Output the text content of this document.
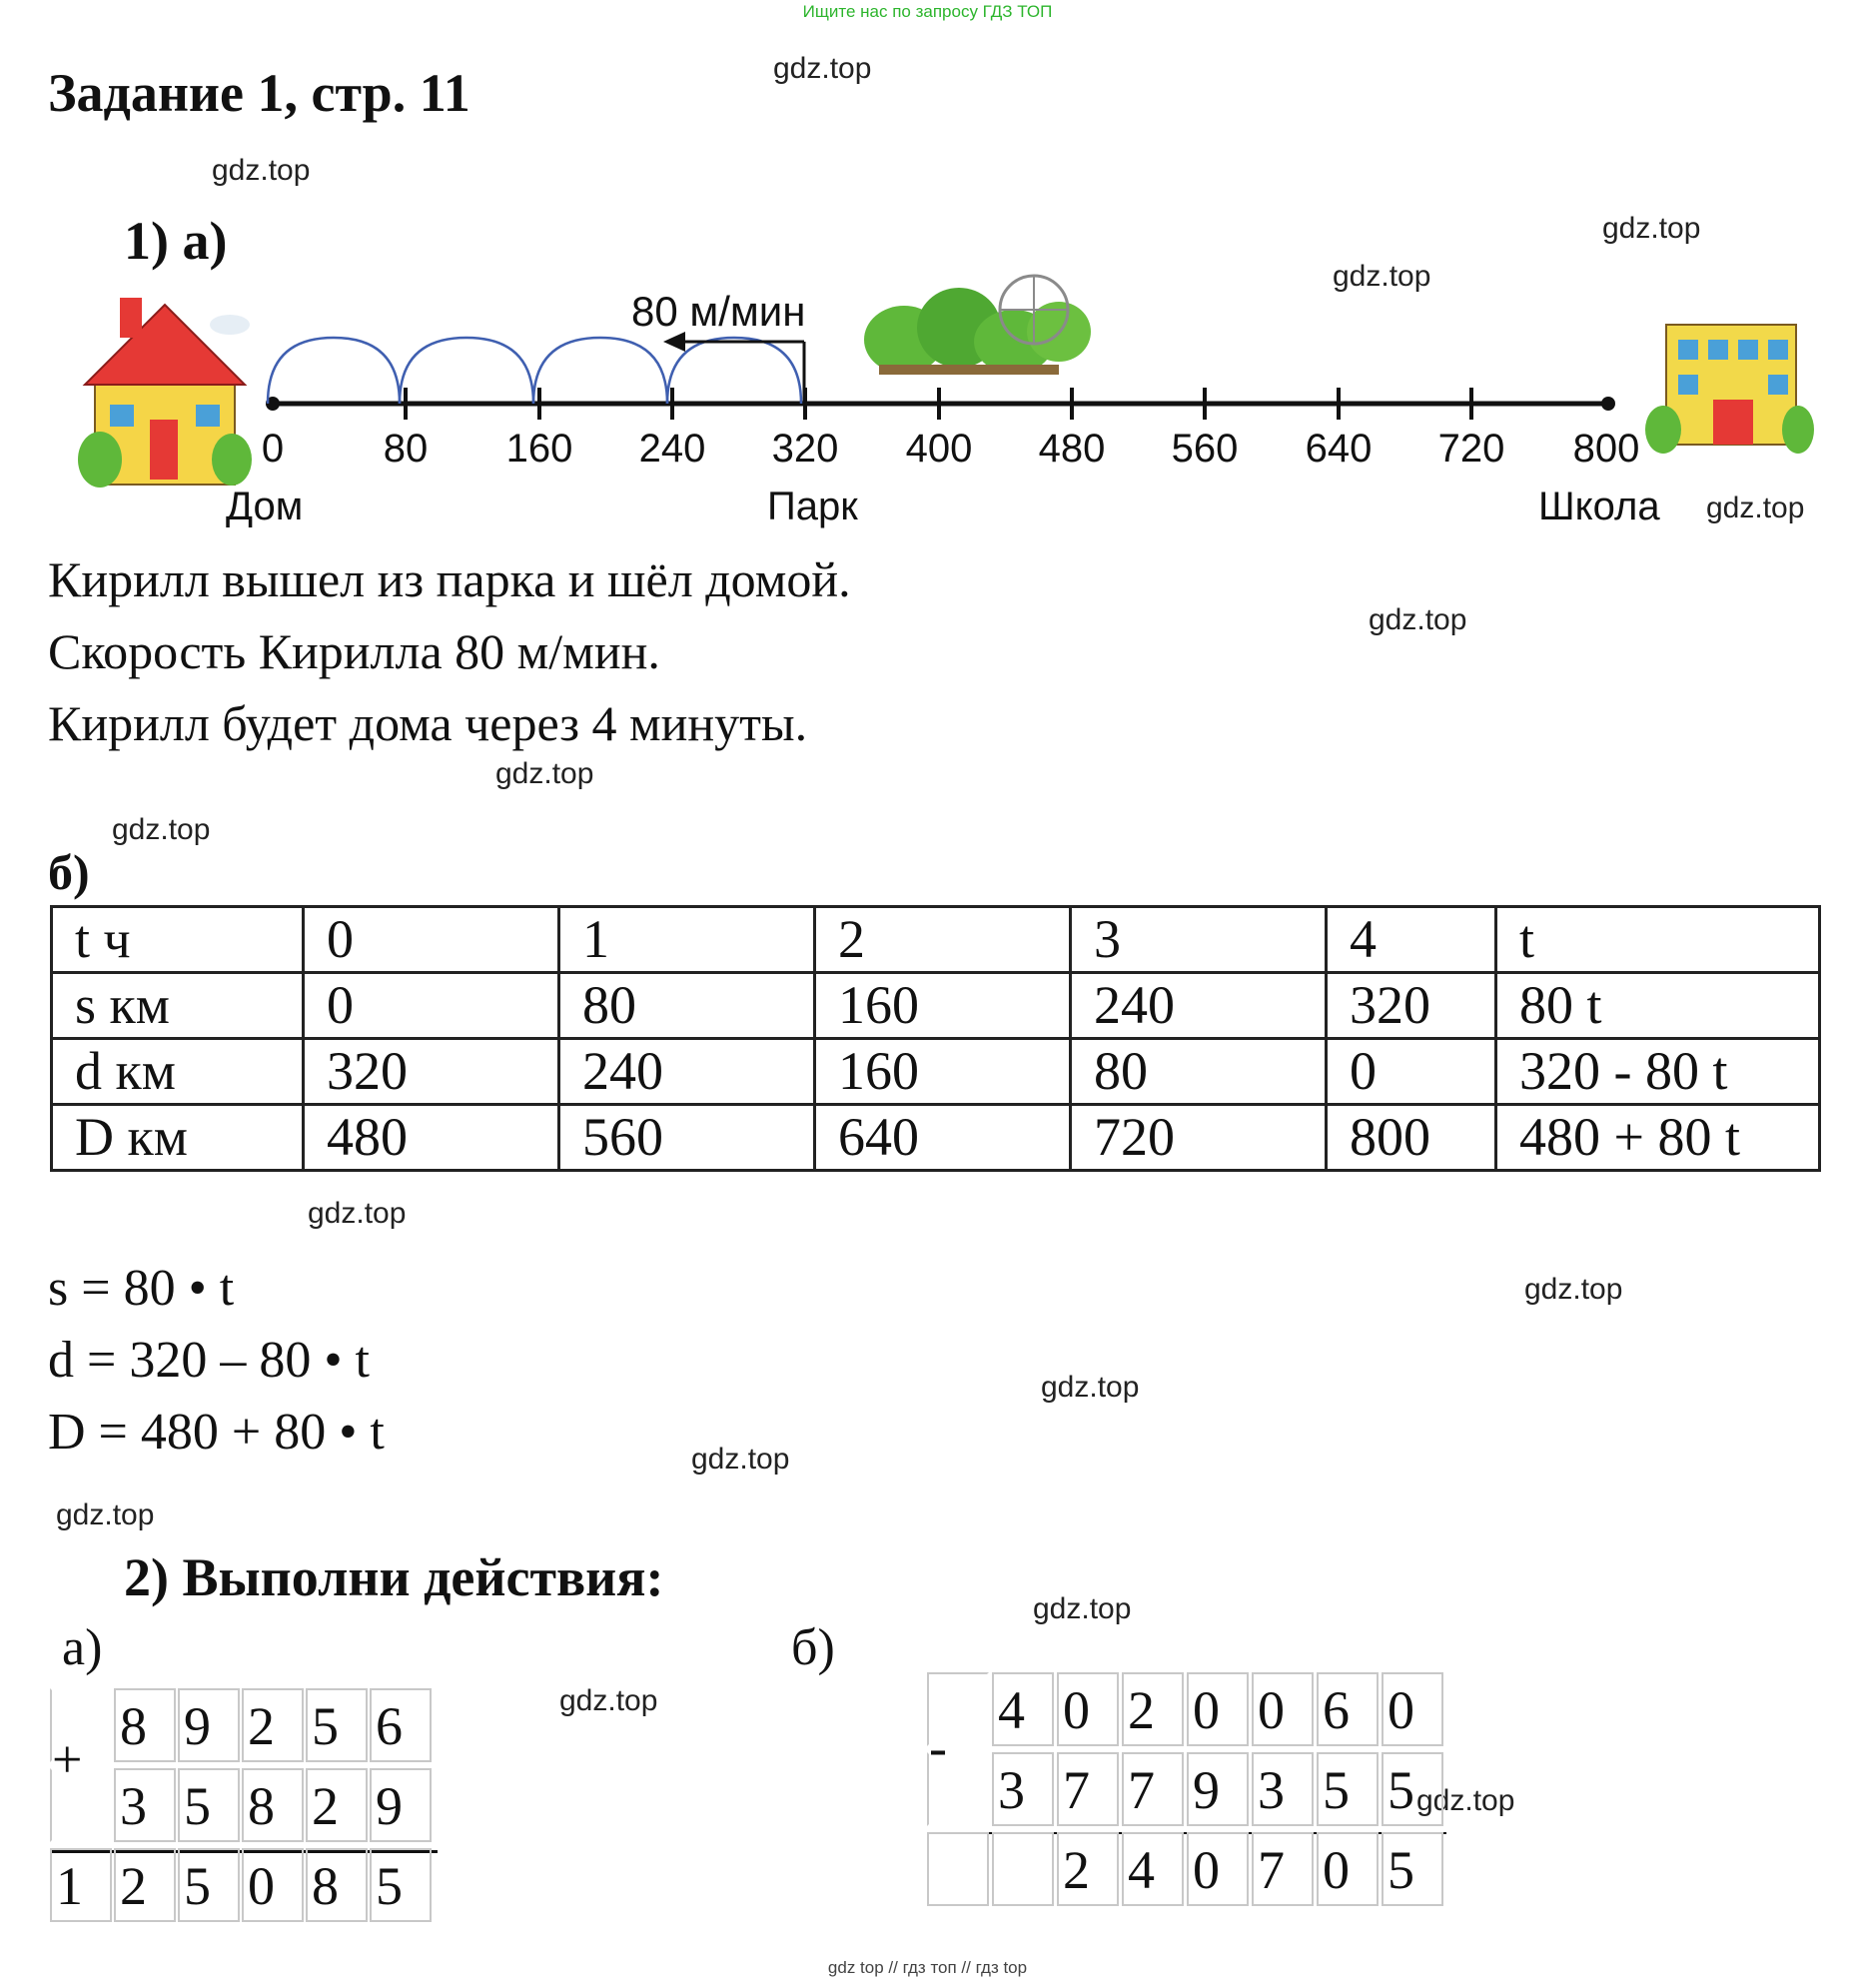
Ищите нас по запросу ГДЗ ТОП
Задание 1, стр. 11	gdz.top
gdz.top
gdz.top
gdz.top
gdz.top
gdz.top
gdz.top
gdz.top
gdz.top
gdz.top
gdz.top
gdz.top
gdz.top
gdz.top
gdz.top
gdz.top
1) а)
80 м/мин
0 80 160 240 320 400 480 560 640 720 800
Дом	Парк	Школа
Кирилл вышел из парка и шёл домой.
Скорость Кирилла 80 м/мин.
Кирилл будет дома через 4 минуты.
б)
t ч	0	1	2	3	4	t
s км	0	80	160	240	320	80 t
d км	320	240	160	80	0	320 - 80 t
D км	480	560	640	720	800	480 + 80 t
s = 80 • t
d = 320 – 80 • t
D = 480 + 80 • t
2) Выполни действия:
а)
+
8 9 2 5 6
3 5 8 2 9
1 2 5 0 8 5
б)
-
4 0 2 0 0 6 0
3 7 7 9 3 5 5
2 4 0 7 0 5
gdz top // гдз топ // гдз top
